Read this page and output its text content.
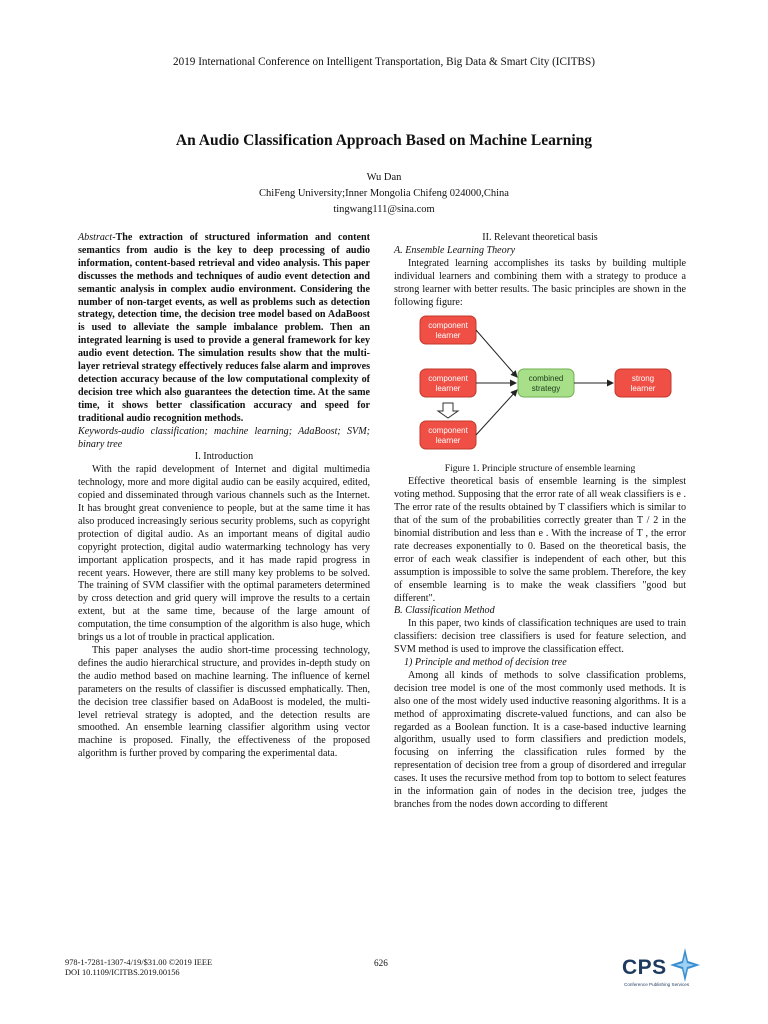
2019 International Conference on Intelligent Transportation, Big Data & Smart City (ICITBS)
An Audio Classification Approach Based on Machine Learning
Wu Dan
ChiFeng University;Inner Mongolia Chifeng 024000,China
tingwang111@sina.com

Abstract-The extraction of structured information and content semantics from audio is the key to deep processing of audio information, content-based retrieval and video analysis. This paper discusses the methods and techniques of audio event detection and semantic analysis in complex audio environment. Considering the number of non-target events, as well as problems such as detection strategy, detection time, the decision tree model based on AdaBoost is used to alleviate the sample imbalance problem. Then an integrated learning is used to provide a general framework for key audio event detection. The simulation results show that the multi-layer retrieval strategy effectively reduces false alarm and improves detection accuracy because of the low computational complexity of decision tree which also guarantees the detection time. At the same time, it shows better classification accuracy and speed for traditional audio recognition methods.

Keywords-audio classification; machine learning; AdaBoost; SVM; binary tree

I. Introduction

With the rapid development of Internet and digital multimedia technology, more and more digital audio can be easily acquired, edited, copied and disseminated through various channels such as the Internet. It has brought great convenience to people, but at the same time it has also produced increasingly serious security problems, such as copyright protection of digital audio. As an important means of digital audio copyright protection, digital audio watermarking technology has very important application prospects, and it has made rapid progress in recent years. However, there are still many key problems to be solved. The training of SVM classifier with the optimal parameters determined by cross detection and grid query will improve the results to a certain extent, but at the same time, because of the large amount of computation, the time consumption of the algorithm is also huge, which brings us a lot of trouble in practical application.

This paper analyses the audio short-time processing technology, defines the audio hierarchical structure, and provides in-depth study on the audio method based on machine learning. The influence of kernel parameters on the results of classifier is discussed emphatically. Then, the decision tree classifier based on AdaBoost is modeled, the multi-level retrieval strategy is adopted, and the detection results are smoothed. An ensemble learning classifier algorithm using vector machine is proposed. Finally, the effectiveness of the proposed algorithm is further proved by comparing the experimental data.

II. Relevant theoretical basis

A. Ensemble Learning Theory

Integrated learning accomplishes its tasks by building multiple individual learners and combining them with a strategy to produce a strong learner with better results. The basic principles are shown in the following figure:

component
learner
component
learner
component
learner
combined
strategy
strong
learner

Figure 1. Principle structure of ensemble learning

Effective theoretical basis of ensemble learning is the simplest voting method. Supposing that the error rate of all weak classifiers is e . The error rate of the results obtained by T classifiers which is similar to that of the sum of the probabilities correctly greater than T / 2 in the binomial distribution and less than e . With the increase of T , the error rate decreases exponentially to 0. Based on the theoretical basis, the error of each weak classifier is independent of each other, but this assumption is impossible to solve the same problem. Therefore, the key of ensemble learning is to make the weak classifiers "good but different".

B. Classification Method

In this paper, two kinds of classification techniques are used to train classifiers: decision tree classifiers is used for feature selection, and SVM method is used to improve the classification effect.

1) Principle and method of decision tree

Among all kinds of methods to solve classification problems, decision tree model is one of the most commonly used methods. It is also one of the most widely used inductive reasoning algorithms. It is a method of approximating discrete-valued functions, and can also be regarded as a Boolean function. It is a case-based inductive learning algorithm, usually used to form classifiers and prediction models, focusing on inferring the classification rules formed by the representation of decision tree from a group of disordered and irregular cases. It uses the recursive method from top to bottom to select features in the information gain of nodes in the decision tree, judges the branches from the nodes down according to different

978-1-7281-1307-4/19/$31.00 ©2019 IEEE
DOI 10.1109/ICITBS.2019.00156
626	CPS
Conference Publishing Services
